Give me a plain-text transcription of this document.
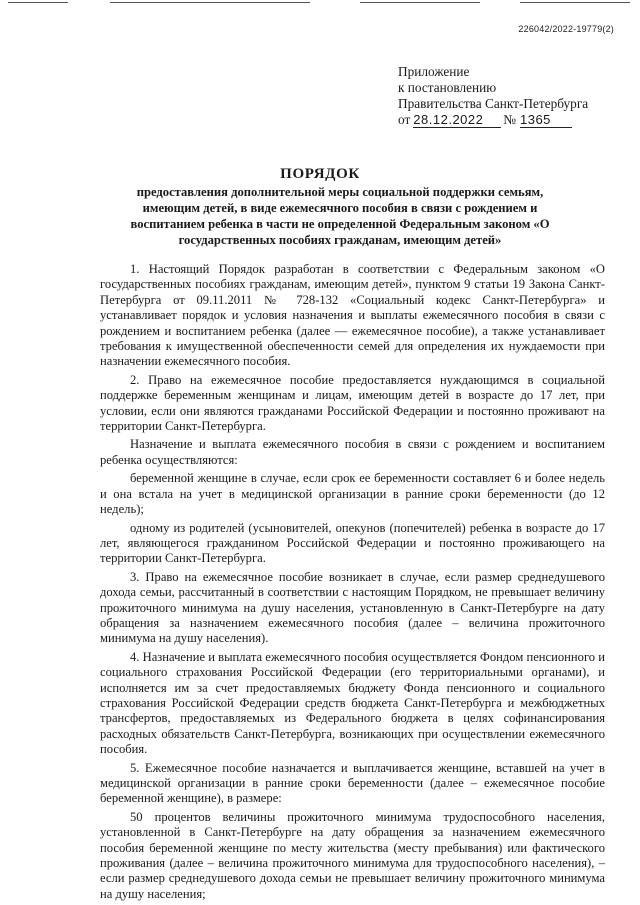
226042/2022-19779(2)
Приложение
к постановлению
Правительства Санкт-Петербурга
от 28.12.2022 № 1365
ПОРЯДОК
предоставления дополнительной меры социальной поддержки семьям, имеющим детей, в виде ежемесячного пособия в связи с рождением и воспитанием ребенка в части не определенной Федеральным законом «О государственных пособиях гражданам, имеющим детей»

1. Настоящий Порядок разработан в соответствии с Федеральным законом «О государственных пособиях гражданам, имеющим детей», пунктом 9 статьи 19 Закона Санкт-Петербурга от 09.11.2011 № 728-132 «Социальный кодекс Санкт-Петербурга» и устанавливает порядок и условия назначения и выплаты ежемесячного пособия в связи с рождением и воспитанием ребенка (далее — ежемесячное пособие), а также устанавливает требования к имущественной обеспеченности семей для определения их нуждаемости при назначении ежемесячного пособия.

2. Право на ежемесячное пособие предоставляется нуждающимся в социальной поддержке беременным женщинам и лицам, имеющим детей в возрасте до 17 лет, при условии, если они являются гражданами Российской Федерации и постоянно проживают на территории Санкт-Петербурга.

Назначение и выплата ежемесячного пособия в связи с рождением и воспитанием ребенка осуществляются:

беременной женщине в случае, если срок ее беременности составляет 6 и более недель и она встала на учет в медицинской организации в ранние сроки беременности (до 12 недель);

одному из родителей (усыновителей, опекунов (попечителей) ребенка в возрасте до 17 лет, являющегося гражданином Российской Федерации и постоянно проживающего на территории Санкт-Петербурга.

3. Право на ежемесячное пособие возникает в случае, если размер среднедушевого дохода семьи, рассчитанный в соответствии с настоящим Порядком, не превышает величину прожиточного минимума на душу населения, установленную в Санкт-Петербурге на дату обращения за назначением ежемесячного пособия (далее – величина прожиточного минимума на душу населения).

4. Назначение и выплата ежемесячного пособия осуществляется Фондом пенсионного и социального страхования Российской Федерации (его территориальными органами), и исполняется им за счет предоставляемых бюджету Фонда пенсионного и социального страхования Российской Федерации средств бюджета Санкт-Петербурга и межбюджетных трансфертов, предоставляемых из Федерального бюджета в целях софинансирования расходных обязательств Санкт-Петербурга, возникающих при осуществлении ежемесячного пособия.

5. Ежемесячное пособие назначается и выплачивается женщине, вставшей на учет в медицинской организации в ранние сроки беременности (далее – ежемесячное пособие беременной женщине), в размере:

50 процентов величины прожиточного минимума трудоспособного населения, установленной в Санкт-Петербурге на дату обращения за назначением ежемесячного пособия беременной женщине по месту жительства (месту пребывания) или фактического проживания (далее – величина прожиточного минимума для трудоспособного населения), – если размер среднедушевого дохода семьи не превышает величину прожиточного минимума на душу населения;
